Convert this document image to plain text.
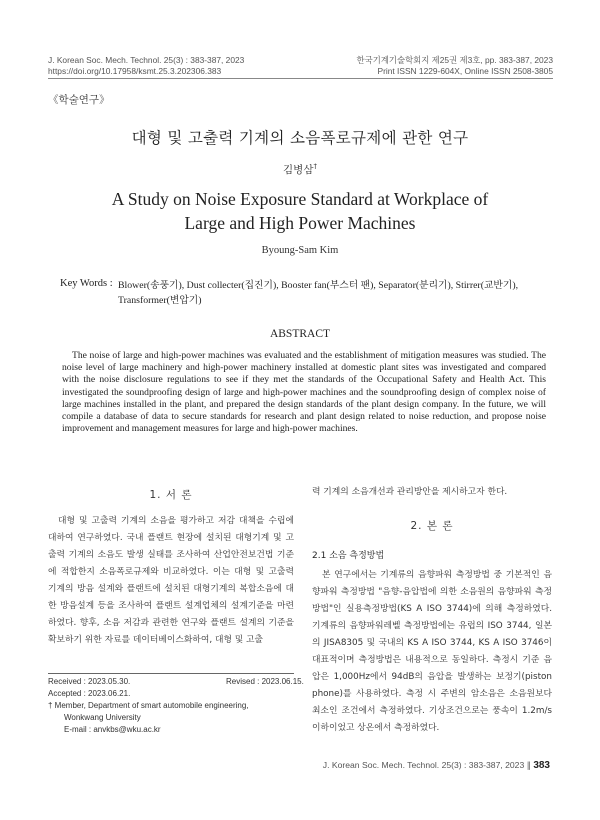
J. Korean Soc. Mech. Technol. 25(3) : 383-387, 2023
https://doi.org/10.17958/ksmt.25.3.202306.383
한국기계기술학회지 제25권 제3호, pp. 383-387, 2023
Print ISSN 1229-604X, Online ISSN 2508-3805
《학술연구》
대형 및 고출력 기계의 소음폭로규제에 관한 연구
김병삼†
A Study on Noise Exposure Standard at Workplace of
Large and High Power Machines
Byoung-Sam Kim
Key Words : Blower(송풍기), Dust collecter(집진기), Booster fan(부스터 팬), Separator(분리기), Stirrer(교반기), Transformer(변압기)
ABSTRACT
The noise of large and high-power machines was evaluated and the establishment of mitigation measures was studied. The noise level of large machinery and high-power machinery installed at domestic plant sites was investigated and compared with the noise disclosure regulations to see if they met the standards of the Occupational Safety and Health Act. This investigated the soundproofing design of large and high-power machines and the soundproofing design of complex noise of large machines installed in the plant, and prepared the design standards of the plant design company. In the future, we will compile a database of data to secure standards for research and plant design related to noise reduction, and propose noise improvement and management measures for large and high-power machines.
1. 서 론
대형 및 고출력 기계의 소음을 평가하고 저감 대책을 수립에 대하여 연구하였다. 국내 플랜트 현장에 설치된 대형기계 및 고출력 기계의 소음도 발생 실태를 조사하여 산업안전보건법 기준에 적합한지 소음폭로규제와 비교하였다. 이는 대형 및 고출력 기계의 방음 설계와 플랜트에 설치된 대형기계의 복합소음에 대한 방음설계 등을 조사하여 플랜트 설계업체의 설계기준을 마련하였다. 향후, 소음 저감과 관련한 연구와 플랜트 설계의 기준을 확보하기 위한 자료를 데이터베이스화하여, 대형 및 고출
력 기계의 소음개선과 관리방안을 제시하고자 한다.
2. 본 론
2.1 소음 측정방법
본 연구에서는 기계류의 음향파워 측정방법 중 기본적인 음향파워 측정방법 "음향-음압법에 의한 소음원의 음향파워 측정방법"인 실용측정방법(KS A ISO 3744)에 의해 측정하였다. 기계류의 음향파워레벨 측정방법에는 유럽의 ISO 3744, 일본의 JISA8305 및 국내의 KS A ISO 3744, KS A ISO 3746이 대표적이며 측정방법은 내용적으로 동일하다. 측정시 기준 음압은 1,000Hz에서 94dB의 음압을 발생하는 보정기(piston phone)를 사용하였다. 측정 시 주변의 암소음은 소음원보다 최소인 조건에서 측정하였다. 기상조건으로는 풍속이 1.2m/s 이하이었고 상온에서 측정하였다.
Received : 2023.05.30.	Revised : 2023.06.15.
Accepted : 2023.06.21.
† Member, Department of smart automobile engineering,
Wonkwang University
E-mail : anvkbs@wku.ac.kr
J. Korean Soc. Mech. Technol. 25(3) : 383-387, 2023 ∥ 383
